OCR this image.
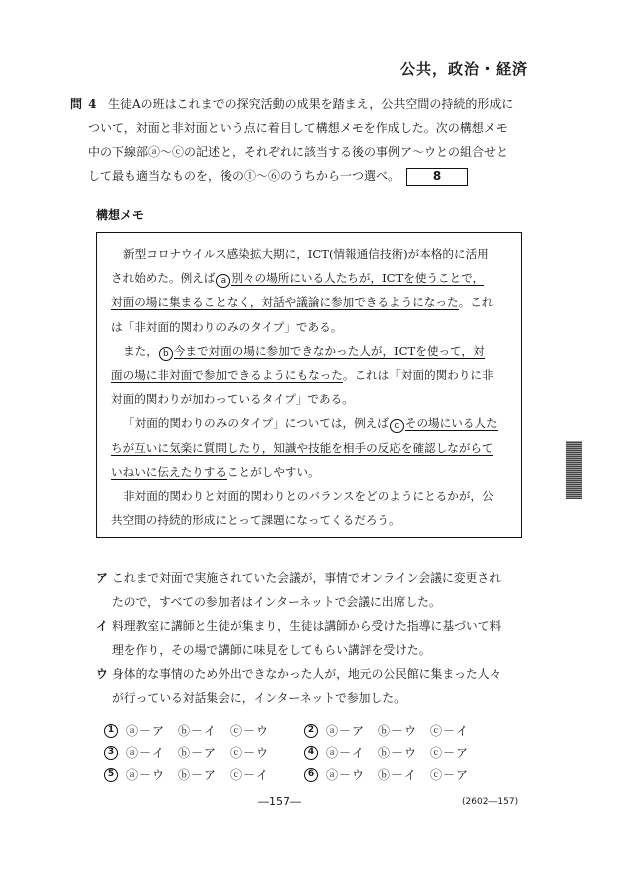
公共，政治・経済
問 4 生徒Aの班はこれまでの探究活動の成果を踏まえ，公共空間の持続的形成に
ついて，対面と非対面という点に着目して構想メモを作成した。次の構想メモ
中の下線部ⓐ～ⓒの記述と，それぞれに該当する後の事例ア～ウとの組合せと
して最も適当なものを，後の①～⑥のうちから一つ選べ。	8
構想メモ
新型コロナウイルス感染拡大期に，ICT(情報通信技術)が本格的に活用
され始めた。例えば a 別々の場所にいる人たちが，ICTを使うことで，
対面の場に集まることなく，対話や議論に参加できるようになった。これ
は「非対面的関わりのみのタイプ」である。
また， b 今まで対面の場に参加できなかった人が，ICTを使って，対
面の場に非対面で参加できるようにもなった。これは「対面的関わりに非
対面的関わりが加わっているタイプ」である。
「対面的関わりのみのタイプ」については，例えば c その場にいる人た
ちが互いに気楽に質問したり，知識や技能を相手の反応を確認しながらて
いねいに伝えたりすることがしやすい。
非対面的関わりと対面的関わりとのバランスをどのようにとるかが，公
共空間の持続的形成にとって課題になってくるだろう。
ア これまで対面で実施されていた会議が，事情でオンライン会議に変更され
たので，すべての参加者はインターネットで会議に出席した。
イ 料理教室に講師と生徒が集まり，生徒は講師から受けた指導に基づいて料
理を作り，その場で講師に味見をしてもらい講評を受けた。
ウ 身体的な事情のため外出できなかった人が，地元の公民館に集まった人々
が行っている対話集会に，インターネットで参加した。
1 ⓐ－ア　ⓑ－イ　ⓒ－ウ	2 ⓐ－ア　ⓑ－ウ　ⓒ－イ
3 ⓐ－イ　ⓑ－ア　ⓒ－ウ	4 ⓐ－イ　ⓑ－ウ　ⓒ－ア
5 ⓐ－ウ　ⓑ－ア　ⓒ－イ	6 ⓐ－ウ　ⓑ－イ　ⓒ－ア
―157―	(2602―157)
